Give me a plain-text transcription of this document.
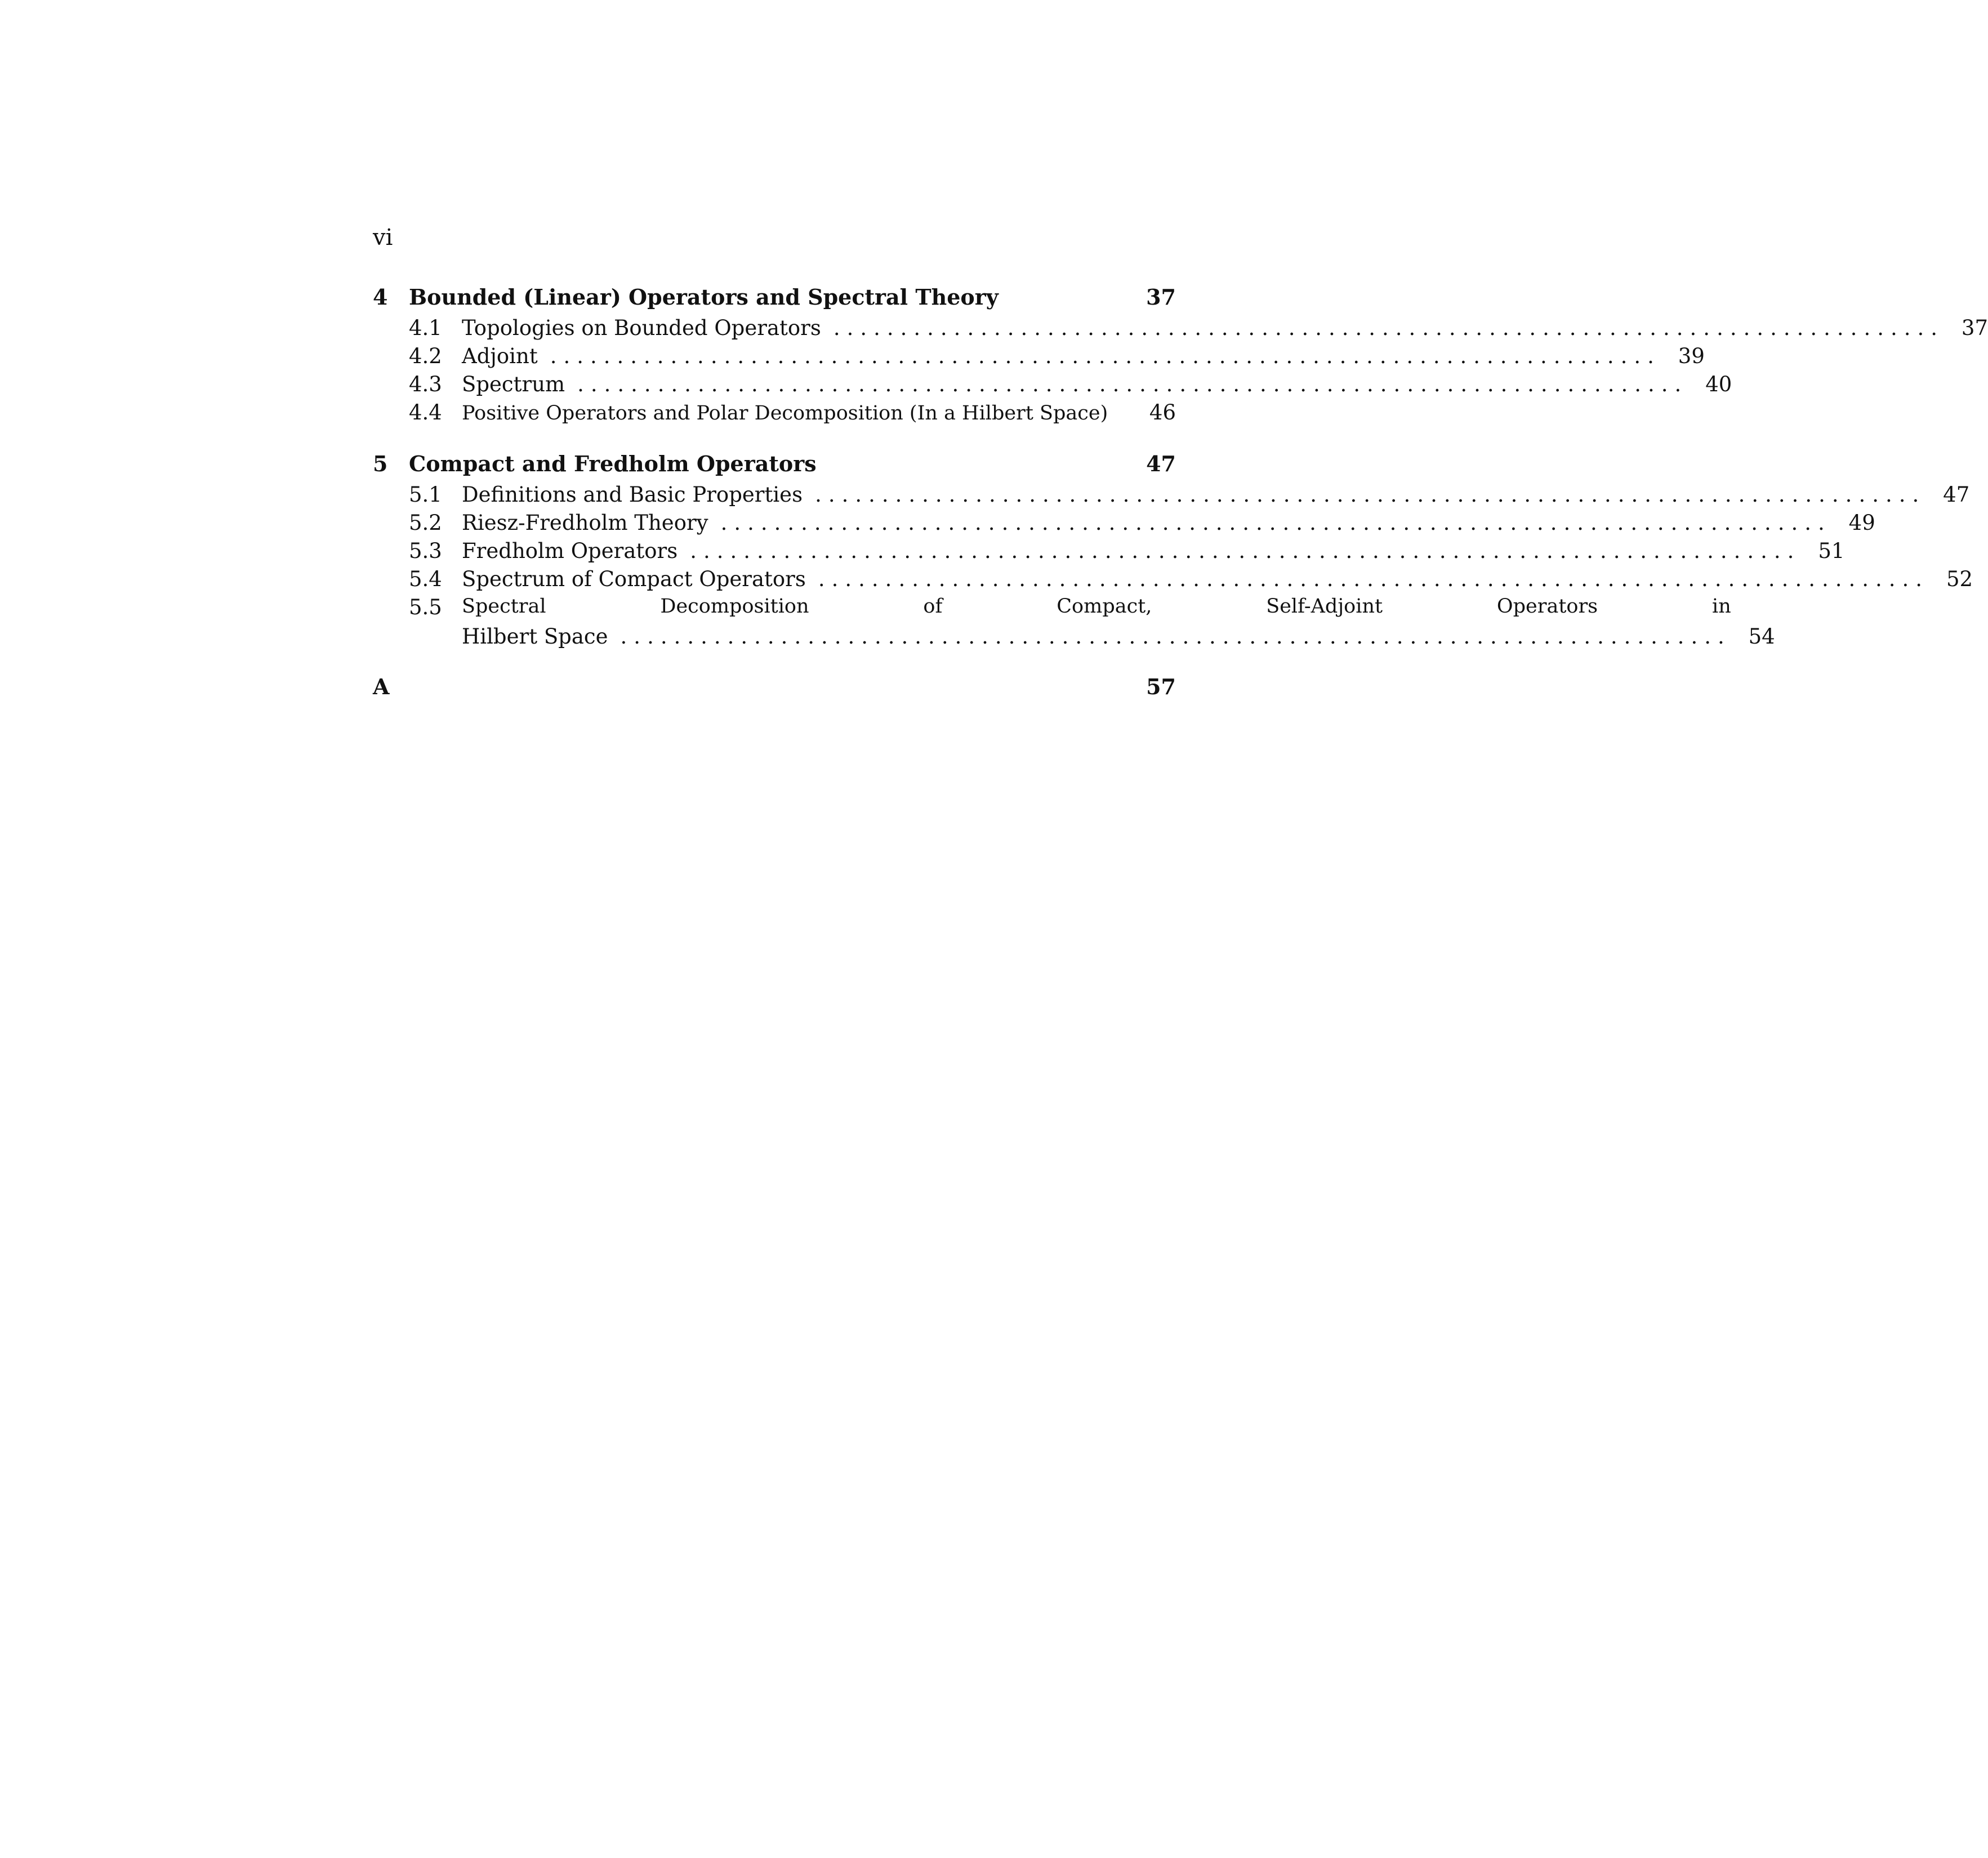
vi
4 Bounded (Linear) Operators and Spectral Theory	37
4.1 Topologies on Bounded Operators ................................................................................... 37
4.2 Adjoint ................................................................................... 39
4.3 Spectrum ................................................................................... 40
4.4	Positive Operators and Polar Decomposition (In a Hilbert Space)	46
5 Compact and Fredholm Operators	47
5.1 Definitions and Basic Properties ................................................................................... 47
5.2 Riesz-Fredholm Theory ................................................................................... 49
5.3 Fredholm Operators ................................................................................... 51
5.4 Spectrum of Compact Operators ................................................................................... 52
5.5	Spectral Decomposition of Compact, Self-Adjoint Operators in
Hilbert Space ................................................................................... 54
A	57
